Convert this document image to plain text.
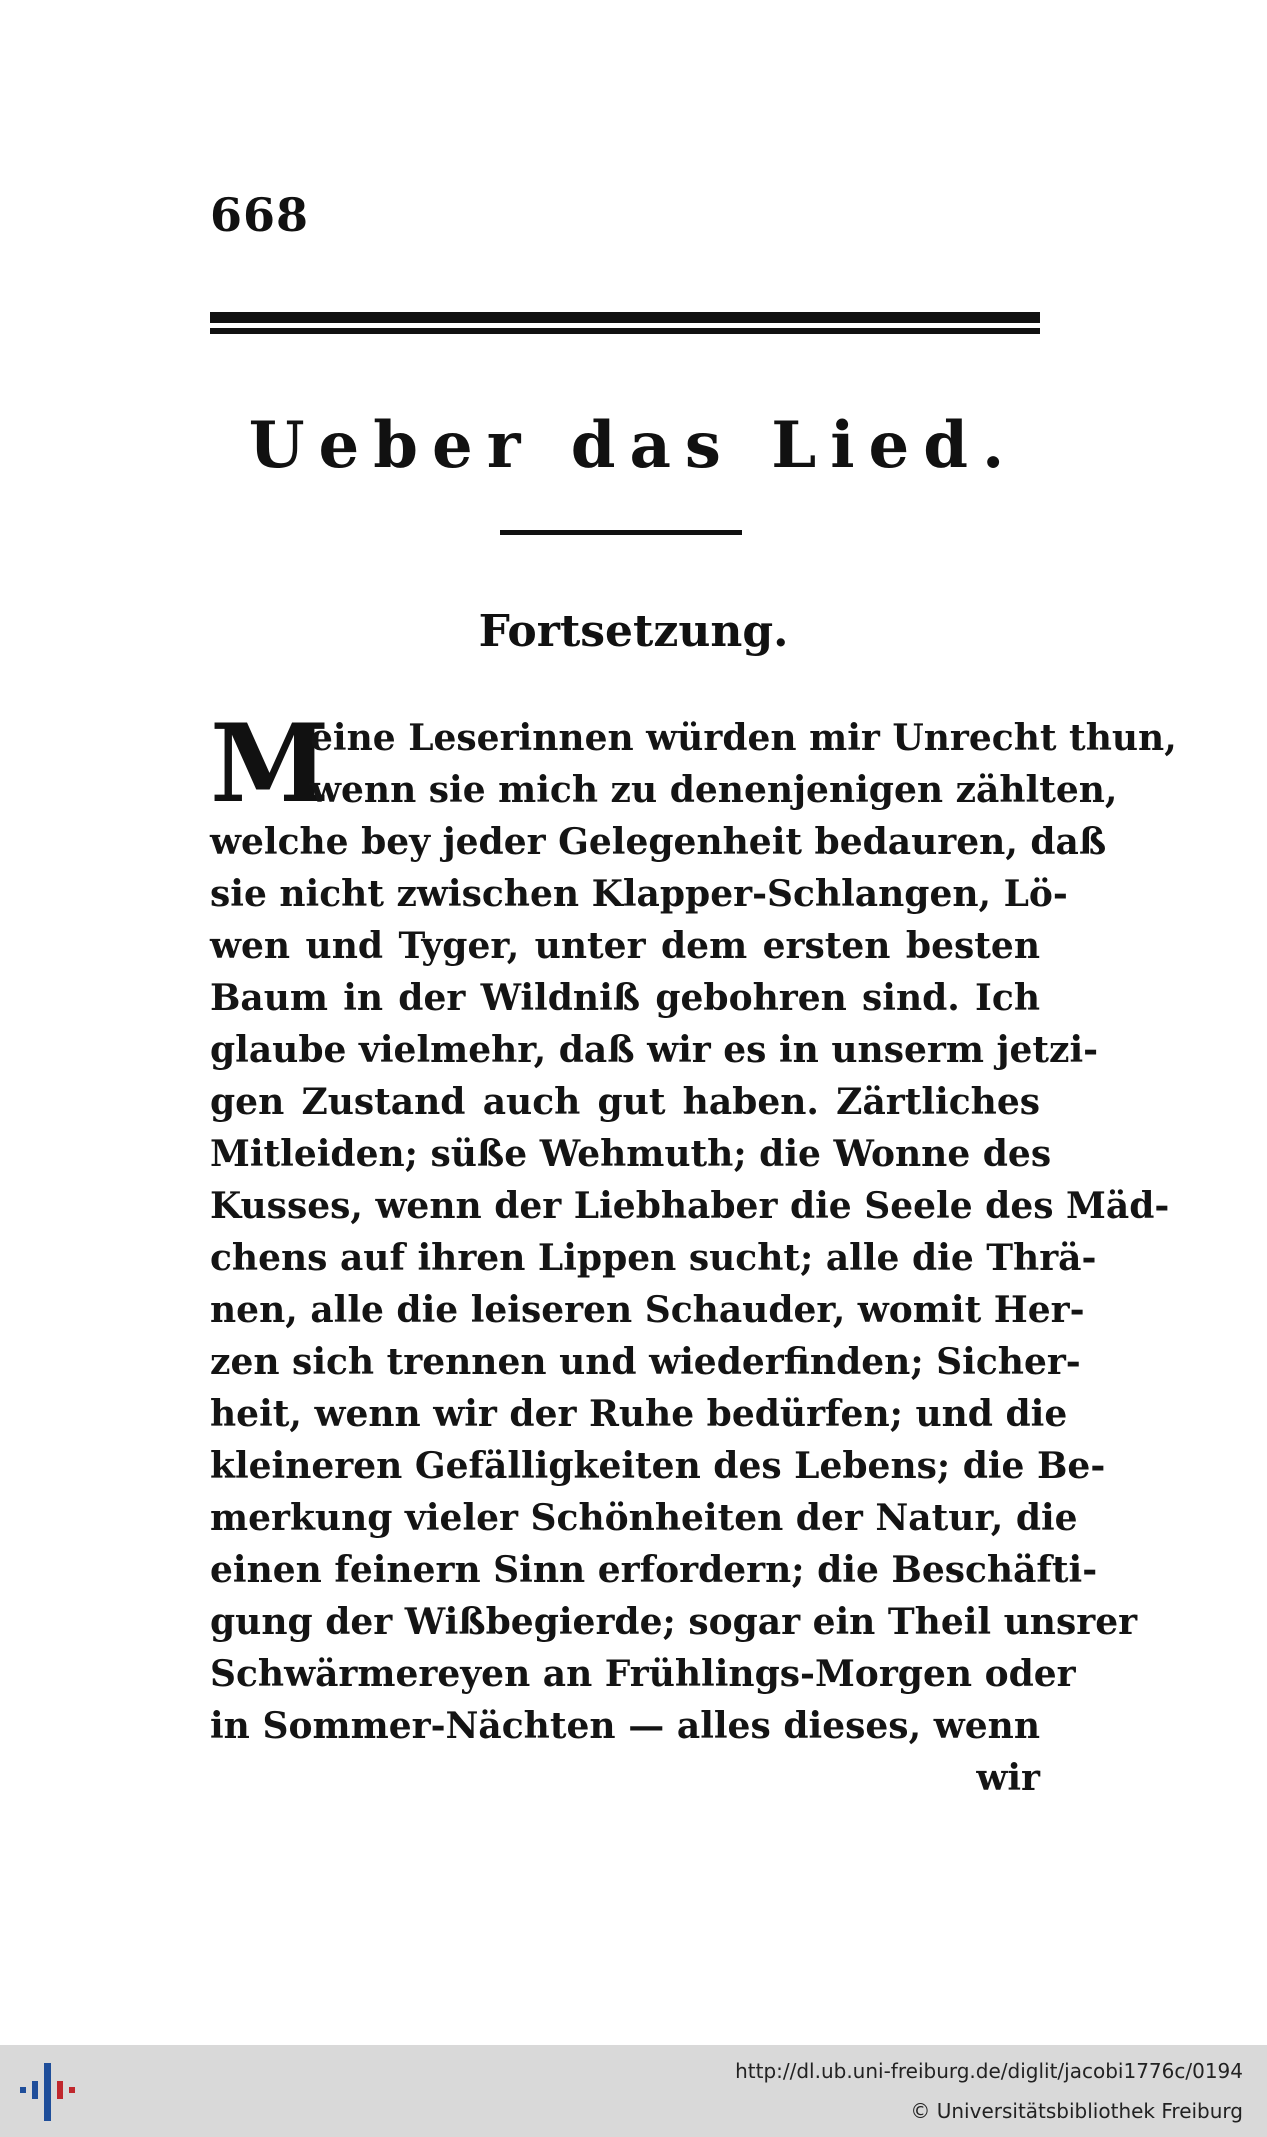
668
Ueber das Lied.
Fortsetzung.
M
eine Leserinnen würden mir Unrecht thun,
wenn sie mich zu denenjenigen zählten,
welche bey jeder Gelegenheit bedauren, daß
sie nicht zwischen Klapper-Schlangen, Lö-
wen und Tyger, unter dem ersten besten
Baum in der Wildniß gebohren sind. Ich
glaube vielmehr, daß wir es in unserm jetzi-
gen Zustand auch gut haben. Zärtliches
Mitleiden; süße Wehmuth; die Wonne des
Kusses, wenn der Liebhaber die Seele des Mäd-
chens auf ihren Lippen sucht; alle die Thrä-
nen, alle die leiseren Schauder, womit Her-
zen sich trennen und wiederfinden; Sicher-
heit, wenn wir der Ruhe bedürfen; und die
kleineren Gefälligkeiten des Lebens; die Be-
merkung vieler Schönheiten der Natur, die
einen feinern Sinn erfordern; die Beschäfti-
gung der Wißbegierde; sogar ein Theil unsrer
Schwärmereyen an Frühlings-Morgen oder
in Sommer-Nächten — alles dieses, wenn
wir
http://dl.ub.uni-freiburg.de/diglit/jacobi1776c/0194
© Universitätsbibliothek Freiburg
